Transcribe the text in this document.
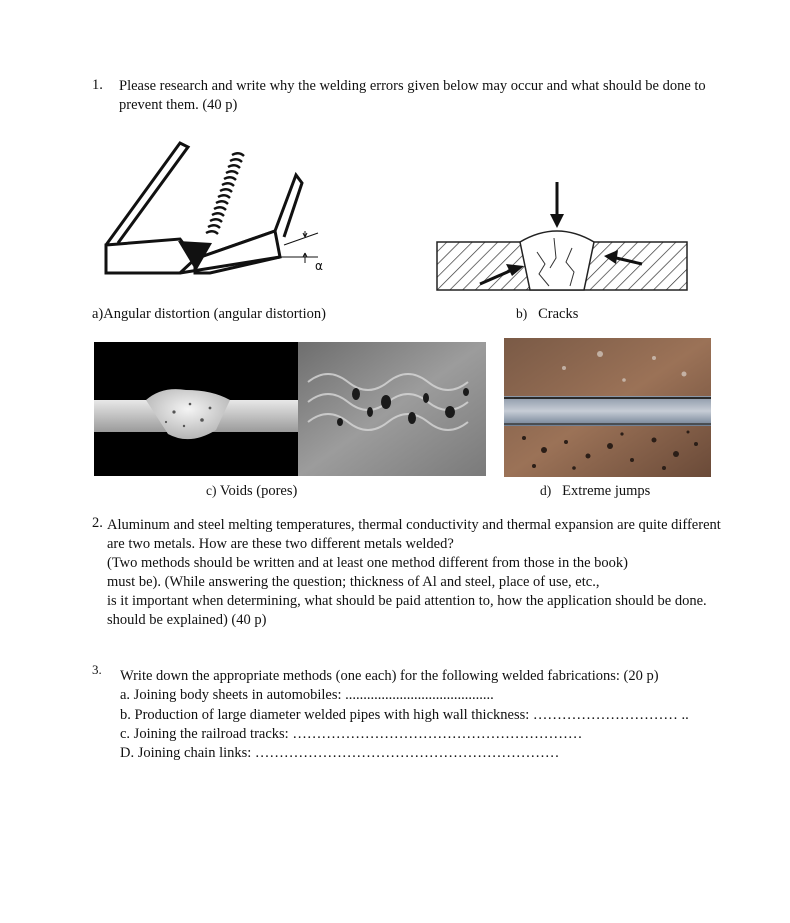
1. Please research and write why the welding errors given below may occur and what should be done to
prevent them. (40 p)
α
a)Angular distortion (angular distortion)	b) Cracks
c) Voids (pores)	d) Extreme jumps
2. Aluminum and steel melting temperatures, thermal conductivity and thermal expansion are quite different
are two metals. How are these two different metals welded?
(Two methods should be written and at least one method different from those in the book)
must be). (While answering the question; thickness of Al and steel, place of use, etc.,
is it important when determining, what should be paid attention to, how the application should be done.
should be explained) (40 p)
3. Write down the appropriate methods (one each) for the following welded fabrications: (20 p)
a. Joining body sheets in automobiles: .........................................
b. Production of large diameter welded pipes with high wall thickness: ………………………… ..
c. Joining the railroad tracks: ……………………………………………………
D. Joining chain links: ………………………………………………………
